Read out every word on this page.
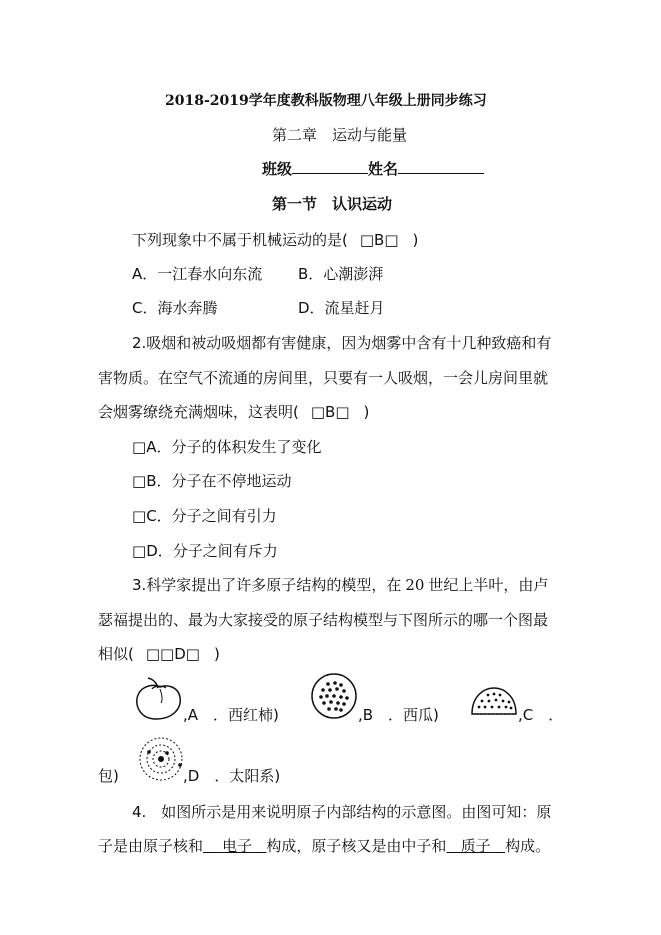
2018-2019学年度教科版物理八年级上册同步练习
第二章　运动与能量
班级	姓名
第一节　认识运动
下列现象中不属于机械运动的是( □B□ )
A．一江春水向东流 B．心潮澎湃
C．海水奔腾	D．流星赶月
2.吸烟和被动吸烟都有害健康，因为烟雾中含有十几种致癌和有
害物质。在空气不流通的房间里，只要有一人吸烟，一会儿房间里就
会烟雾缭绕充满烟味，这表明( □B□ )
□A．分子的体积发生了变化
□B．分子在不停地运动
□C．分子之间有引力
□D．分子之间有斥力
3.科学家提出了许多原子结构的模型，在 20 世纪上半叶，由卢
瑟福提出的、最为大家接受的原子结构模型与下图所示的哪一个图最
相似( □□D□ )
,A　．西红柿)	,B　．西瓜)	,C　．
包)	,D　．太阳系)
4.　如图所示是用来说明原子内部结构的示意图。由图可知：原
子是由原子核和 电子 构成，原子核又是由中子和 质子 构成。
